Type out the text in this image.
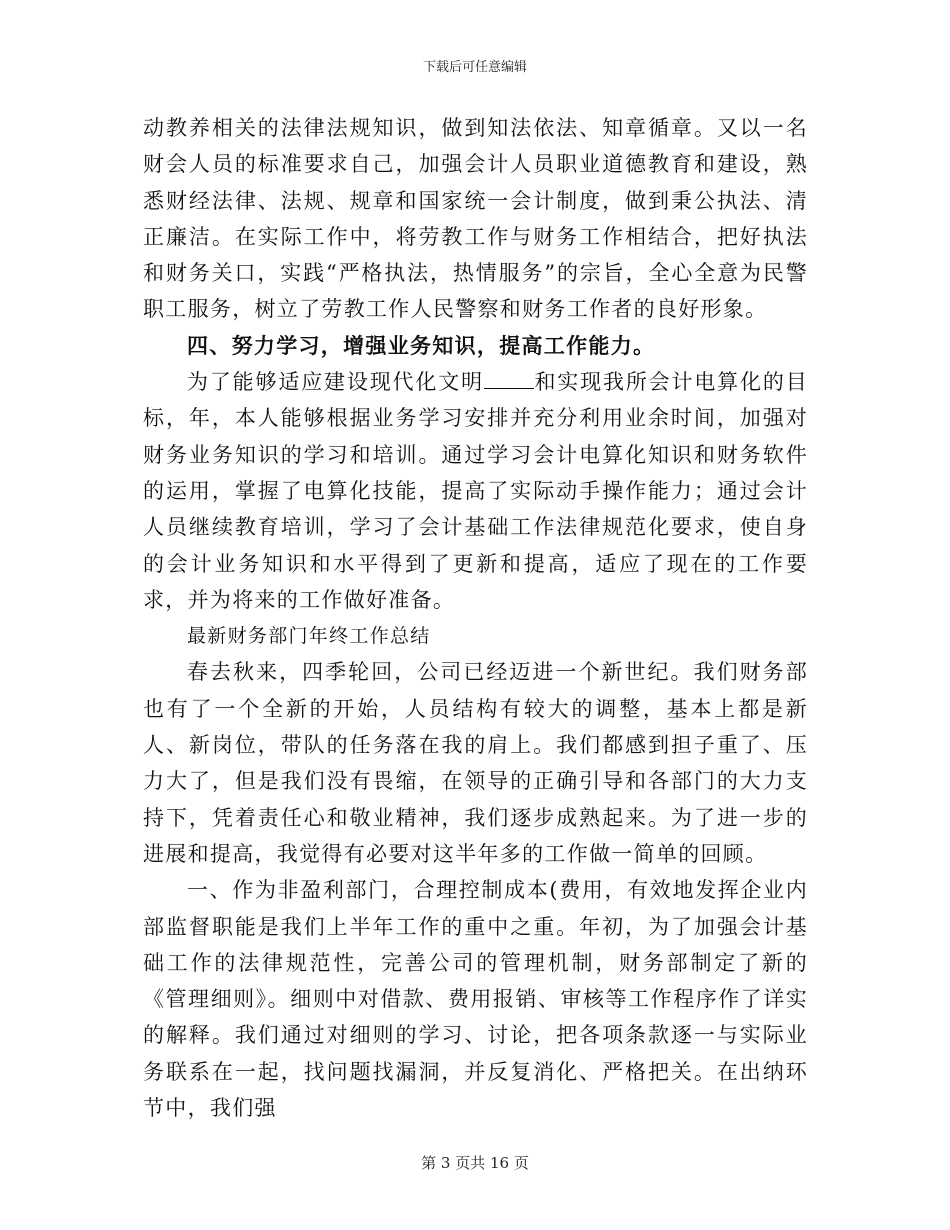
下载后可任意编辑

动教养相关的法律法规知识，做到知法依法、知章循章。又以一名财会人员的标准要求自己，加强会计人员职业道德教育和建设，熟悉财经法律、法规、规章和国家统一会计制度，做到秉公执法、清正廉洁。在实际工作中，将劳教工作与财务工作相结合，把好执法和财务关口，实践“严格执法，热情服务”的宗旨，全心全意为民警职工服务，树立了劳教工作人民警察和财务工作者的良好形象。

四、努力学习，增强业务知识，提高工作能力。

为了能够适应建设现代化文明 和实现我所会计电算化的目标，年，本人能够根据业务学习安排并充分利用业余时间，加强对财务业务知识的学习和培训。通过学习会计电算化知识和财务软件的运用，掌握了电算化技能，提高了实际动手操作能力；通过会计人员继续教育培训，学习了会计基础工作法律规范化要求，使自身的会计业务知识和水平得到了更新和提高，适应了现在的工作要求，并为将来的工作做好准备。

最新财务部门年终工作总结

春去秋来，四季轮回，公司已经迈进一个新世纪。我们财务部也有了一个全新的开始，人员结构有较大的调整，基本上都是新人、新岗位，带队的任务落在我的肩上。我们都感到担子重了、压力大了，但是我们没有畏缩，在领导的正确引导和各部门的大力支持下，凭着责任心和敬业精神，我们逐步成熟起来。为了进一步的进展和提高，我觉得有必要对这半年多的工作做一简单的回顾。

一、作为非盈利部门，合理控制成本(费用，有效地发挥企业内部监督职能是我们上半年工作的重中之重。年初，为了加强会计基础工作的法律规范性，完善公司的管理机制，财务部制定了新的《管理细则》。细则中对借款、费用报销、审核等工作程序作了详实的解释。我们通过对细则的学习、讨论，把各项条款逐一与实际业务联系在一起，找问题找漏洞，并反复消化、严格把关。在出纳环节中，我们强

第 3 页共 16 页
